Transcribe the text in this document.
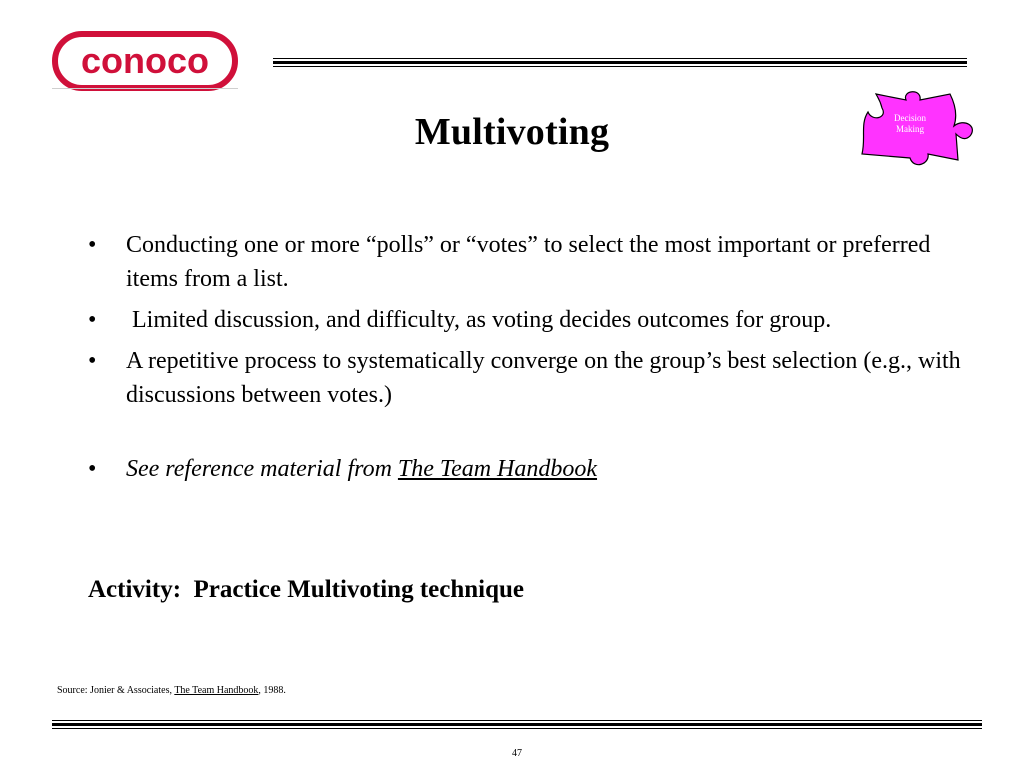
conoco
Multivoting	Decision
Making
• Conducting one or more “polls” or “votes” to select the most important or preferred items from a list.
• Limited discussion, and difficulty, as voting decides outcomes for group.
• A repetitive process to systematically converge on the group’s best selection (e.g., with discussions between votes.)
• See reference material from The Team Handbook
Activity:  Practice Multivoting technique
Source: Jonier & Associates, The Team Handbook, 1988.
47
